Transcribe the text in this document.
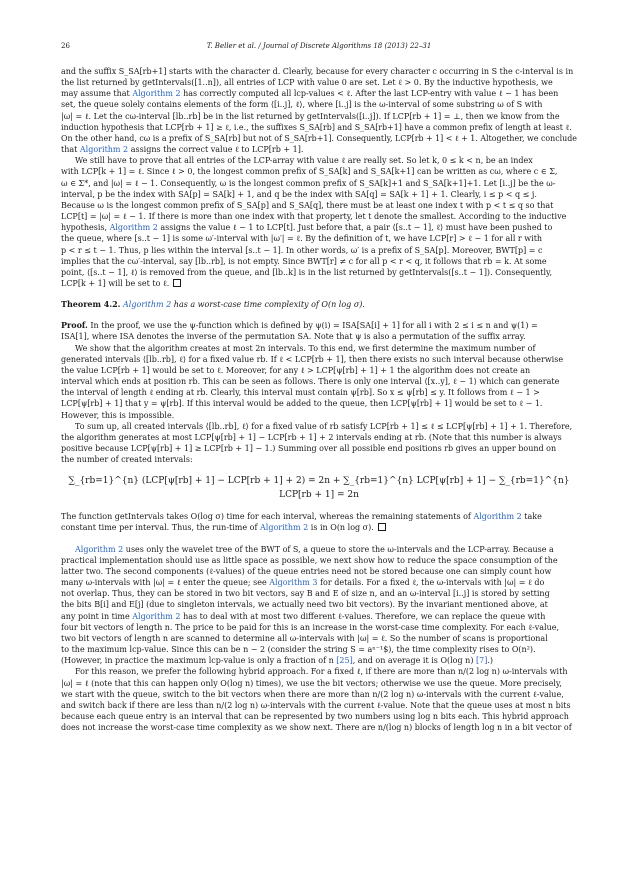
26	T. Beller et al. / Journal of Discrete Algorithms 18 (2013) 22–31

and the suffix S_SA[rb+1] starts with the character d. Clearly, because for every character c occurring in S the c-interval is in
the list returned by getIntervals([1..n]), all entries of LCP with value 0 are set. Let ℓ > 0. By the inductive hypothesis, we
may assume that Algorithm 2 has correctly computed all lcp-values < ℓ. After the last LCP-entry with value ℓ − 1 has been
set, the queue solely contains elements of the form ⟨[i..j], ℓ⟩, where [i..j] is the ω-interval of some substring ω of S with
|ω| = ℓ. Let the cω-interval [lb..rb] be in the list returned by getIntervals([i..j]). If LCP[rb + 1] = ⊥, then we know from the
induction hypothesis that LCP[rb + 1] ≥ ℓ, i.e., the suffixes S_SA[rb] and S_SA[rb+1] have a common prefix of length at least ℓ.
On the other hand, cω is a prefix of S_SA[rb] but not of S_SA[rb+1]. Consequently, LCP[rb + 1] < ℓ + 1. Altogether, we conclude
that Algorithm 2 assigns the correct value ℓ to LCP[rb + 1].

We still have to prove that all entries of the LCP-array with value ℓ are really set. So let k, 0 ≤ k < n, be an index
with LCP[k + 1] = ℓ. Since ℓ > 0, the longest common prefix of S_SA[k] and S_SA[k+1] can be written as cω, where c ∈ Σ,
ω ∈ Σ*, and |ω| = ℓ − 1. Consequently, ω is the longest common prefix of S_SA[k]+1 and S_SA[k+1]+1. Let [i..j] be the ω-
interval, p be the index with SA[p] = SA[k] + 1, and q be the index with SA[q] = SA[k + 1] + 1. Clearly, i ≤ p < q ≤ j.
Because ω is the longest common prefix of S_SA[p] and S_SA[q], there must be at least one index t with p < t ≤ q so that
LCP[t] = |ω| = ℓ − 1. If there is more than one index with that property, let t denote the smallest. According to the inductive
hypothesis, Algorithm 2 assigns the value ℓ − 1 to LCP[t]. Just before that, a pair ⟨[s..t − 1], ℓ⟩ must have been pushed to
the queue, where [s..t − 1] is some ω′-interval with |ω′| = ℓ. By the definition of t, we have LCP[r] > ℓ − 1 for all r with
p < r ≤ t − 1. Thus, p lies within the interval [s..t − 1]. In other words, ω′ is a prefix of S_SA[p]. Moreover, BWT[p] = c
implies that the cω′-interval, say [lb..rb], is not empty. Since BWT[r] ≠ c for all p < r < q, it follows that rb = k. At some
point, ⟨[s..t − 1], ℓ⟩ is removed from the queue, and [lb..k] is in the list returned by getIntervals([s..t − 1]). Consequently,
LCP[k + 1] will be set to ℓ.

Theorem 4.2. Algorithm 2 has a worst-case time complexity of O(n log σ).

Proof. In the proof, we use the ψ-function which is defined by ψ(i) = ISA[SA[i] + 1] for all i with 2 ≤ i ≤ n and ψ(1) =
ISA[1], where ISA denotes the inverse of the permutation SA. Note that ψ is also a permutation of the suffix array.
We show that the algorithm creates at most 2n intervals. To this end, we first determine the maximum number of
generated intervals ⟨[lb..rb], ℓ⟩ for a fixed value rb. If ℓ < LCP[rb + 1], then there exists no such interval because otherwise
the value LCP[rb + 1] would be set to ℓ. Moreover, for any ℓ > LCP[ψ[rb] + 1] + 1 the algorithm does not create an
interval which ends at position rb. This can be seen as follows. There is only one interval ⟨[x..y], ℓ − 1⟩ which can generate
the interval of length ℓ ending at rb. Clearly, this interval must contain ψ[rb]. So x ≤ ψ[rb] ≤ y. It follows from ℓ − 1 >
LCP[ψ[rb] + 1] that y = ψ[rb]. If this interval would be added to the queue, then LCP[ψ[rb] + 1] would be set to ℓ − 1.
However, this is impossible.
To sum up, all created intervals ⟨[lb..rb], ℓ⟩ for a fixed value of rb satisfy LCP[rb + 1] ≤ ℓ ≤ LCP[ψ[rb] + 1] + 1. Therefore,
the algorithm generates at most LCP[ψ[rb] + 1] − LCP[rb + 1] + 2 intervals ending at rb. (Note that this number is always
positive because LCP[ψ[rb] + 1] ≥ LCP[rb + 1] − 1.) Summing over all possible end positions rb gives an upper bound on
the number of created intervals:
∑_{rb=1}^{n} (LCP[ψ[rb] + 1] − LCP[rb + 1] + 2) = 2n + ∑_{rb=1}^{n} LCP[ψ[rb] + 1] − ∑_{rb=1}^{n} LCP[rb + 1] = 2n
The function getIntervals takes O(log σ) time for each interval, whereas the remaining statements of Algorithm 2 take
constant time per interval. Thus, the run-time of Algorithm 2 is in O(n log σ).

Algorithm 2 uses only the wavelet tree of the BWT of S, a queue to store the ω-intervals and the LCP-array. Because a
practical implementation should use as little space as possible, we next show how to reduce the space consumption of the
latter two. The second components (ℓ-values) of the queue entries need not be stored because one can simply count how
many ω-intervals with |ω| = ℓ enter the queue; see Algorithm 3 for details. For a fixed ℓ, the ω-intervals with |ω| = ℓ do
not overlap. Thus, they can be stored in two bit vectors, say B and E of size n, and an ω-interval [i..j] is stored by setting
the bits B[i] and E[j] (due to singleton intervals, we actually need two bit vectors). By the invariant mentioned above, at
any point in time Algorithm 2 has to deal with at most two different ℓ-values. Therefore, we can replace the queue with
four bit vectors of length n. The price to be paid for this is an increase in the worst-case time complexity. For each ℓ-value,
two bit vectors of length n are scanned to determine all ω-intervals with |ω| = ℓ. So the number of scans is proportional
to the maximum lcp-value. Since this can be n − 2 (consider the string S = aⁿ⁻¹$), the time complexity rises to O(n²).
(However, in practice the maximum lcp-value is only a fraction of n [25], and on average it is O(log n) [7].)
For this reason, we prefer the following hybrid approach. For a fixed ℓ, if there are more than n/(2 log n) ω-intervals with
|ω| = ℓ (note that this can happen only O(log n) times), we use the bit vectors; otherwise we use the queue. More precisely,
we start with the queue, switch to the bit vectors when there are more than n/(2 log n) ω-intervals with the current ℓ-value,
and switch back if there are less than n/(2 log n) ω-intervals with the current ℓ-value. Note that the queue uses at most n bits
because each queue entry is an interval that can be represented by two numbers using log n bits each. This hybrid approach
does not increase the worst-case time complexity as we show next. There are n/(log n) blocks of length log n in a bit vector of
